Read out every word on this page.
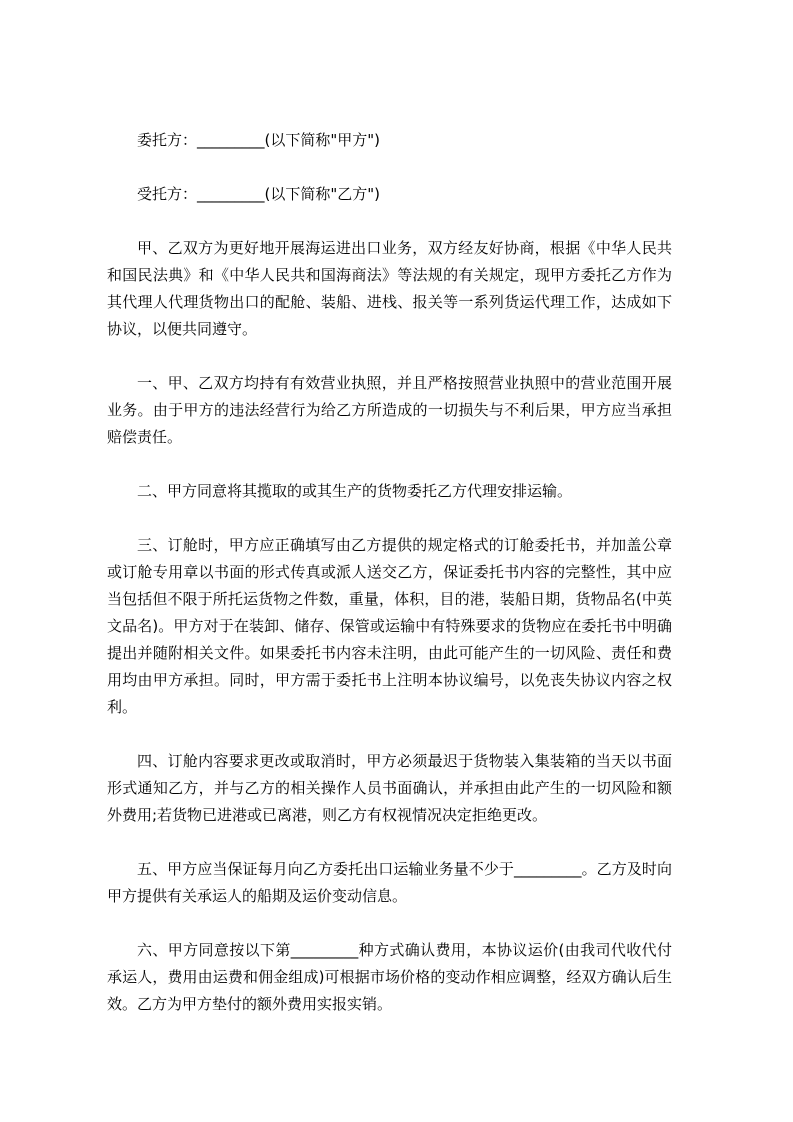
委托方：_________(以下简称"甲方")

受托方：_________(以下简称"乙方")

甲、乙双方为更好地开展海运进出口业务，双方经友好协商，根据《中华人民共和国民法典》和《中华人民共和国海商法》等法规的有关规定，现甲方委托乙方作为其代理人代理货物出口的配舱、装船、进栈、报关等一系列货运代理工作，达成如下协议，以便共同遵守。

一、甲、乙双方均持有有效营业执照，并且严格按照营业执照中的营业范围开展业务。由于甲方的违法经营行为给乙方所造成的一切损失与不利后果，甲方应当承担赔偿责任。

二、甲方同意将其揽取的或其生产的货物委托乙方代理安排运输。

三、订舱时，甲方应正确填写由乙方提供的规定格式的订舱委托书，并加盖公章或订舱专用章以书面的形式传真或派人送交乙方，保证委托书内容的完整性，其中应当包括但不限于所托运货物之件数，重量，体积，目的港，装船日期，货物品名(中英文品名)。甲方对于在装卸、储存、保管或运输中有特殊要求的货物应在委托书中明确提出并随附相关文件。如果委托书内容未注明，由此可能产生的一切风险、责任和费用均由甲方承担。同时，甲方需于委托书上注明本协议编号，以免丧失协议内容之权利。

四、订舱内容要求更改或取消时，甲方必须最迟于货物装入集装箱的当天以书面形式通知乙方，并与乙方的相关操作人员书面确认，并承担由此产生的一切风险和额外费用;若货物已进港或已离港，则乙方有权视情况决定拒绝更改。

五、甲方应当保证每月向乙方委托出口运输业务量不少于_________。乙方及时向甲方提供有关承运人的船期及运价变动信息。

六、甲方同意按以下第_________种方式确认费用，本协议运价(由我司代收代付承运人，费用由运费和佣金组成)可根据市场价格的变动作相应调整，经双方确认后生效。乙方为甲方垫付的额外费用实报实销。
